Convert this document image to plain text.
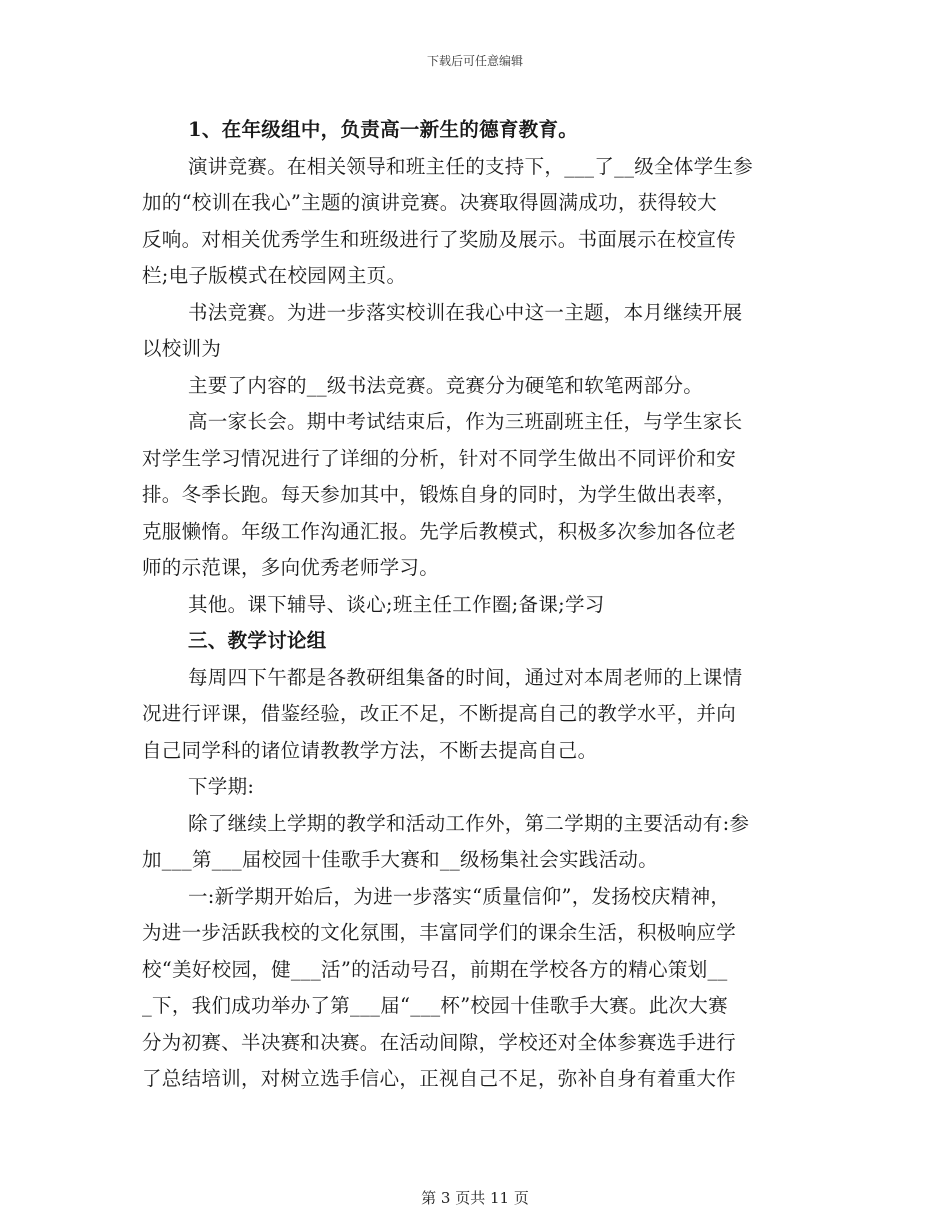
下载后可任意编辑
1、在年级组中，负责高一新生的德育教育。
演讲竞赛。在相关领导和班主任的支持下，___了__级全体学生参
加的“校训在我心”主题的演讲竞赛。决赛取得圆满成功，获得较大
反响。对相关优秀学生和班级进行了奖励及展示。书面展示在校宣传
栏;电子版模式在校园网主页。
书法竞赛。为进一步落实校训在我心中这一主题，本月继续开展
以校训为
主要了内容的__级书法竞赛。竞赛分为硬笔和软笔两部分。
高一家长会。期中考试结束后，作为三班副班主任，与学生家长
对学生学习情况进行了详细的分析，针对不同学生做出不同评价和安
排。冬季长跑。每天参加其中，锻炼自身的同时，为学生做出表率，
克服懒惰。年级工作沟通汇报。先学后教模式，积极多次参加各位老
师的示范课，多向优秀老师学习。
其他。课下辅导、谈心;班主任工作圈;备课;学习
三、教学讨论组
每周四下午都是各教研组集备的时间，通过对本周老师的上课情
况进行评课，借鉴经验，改正不足，不断提高自己的教学水平，并向
自己同学科的诸位请教教学方法，不断去提高自己。
下学期:
除了继续上学期的教学和活动工作外，第二学期的主要活动有:参
加___第___届校园十佳歌手大赛和__级杨集社会实践活动。
一:新学期开始后，为进一步落实“质量信仰”，发扬校庆精神，
为进一步活跃我校的文化氛围，丰富同学们的课余生活，积极响应学
校“美好校园，健___活”的活动号召，前期在学校各方的精心策划__
_下，我们成功举办了第___届“___杯”校园十佳歌手大赛。此次大赛
分为初赛、半决赛和决赛。在活动间隙，学校还对全体参赛选手进行
了总结培训，对树立选手信心，正视自己不足，弥补自身有着重大作
第 3 页共 11 页
